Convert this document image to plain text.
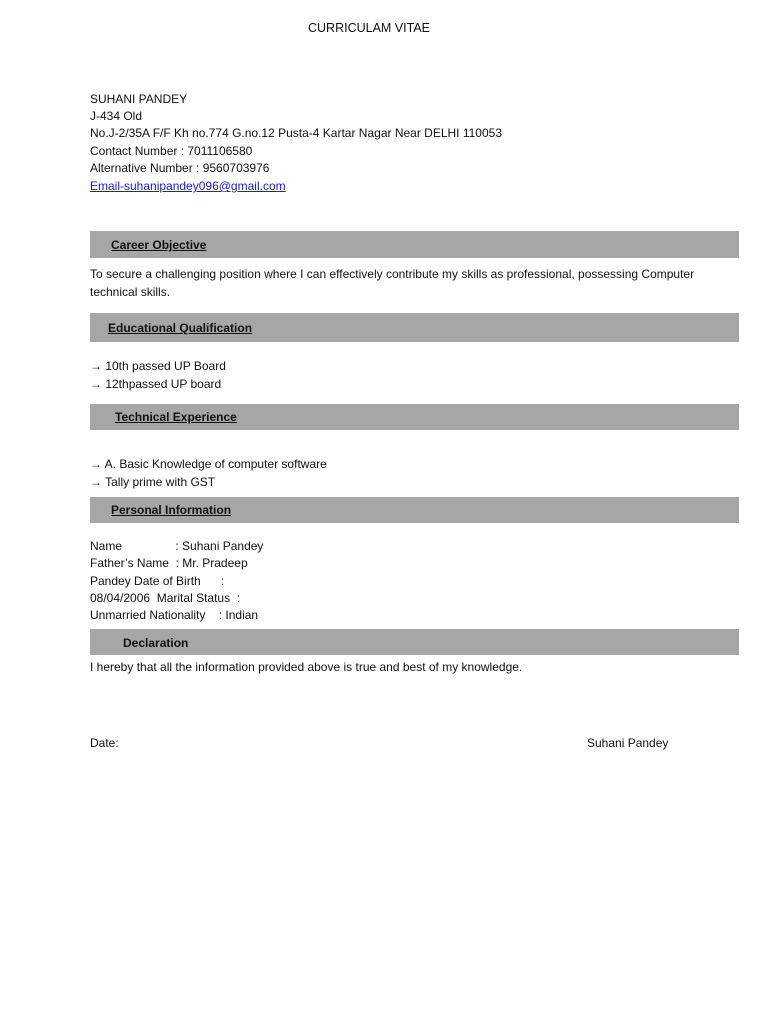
CURRICULAM VITAE
SUHANI PANDEY
J-434 Old
No.J-2/35A F/F Kh no.774 G.no.12 Pusta-4 Kartar Nagar Near DELHI 110053
Contact Number : 7011106580
Alternative Number : 9560703976
Email-suhanipandey096@gmail.com
Career Objective
To secure a challenging position where I can effectively contribute my skills as professional, possessing Computer technical skills.
Educational Qualification
→ 10th passed UP Board
→ 12thpassed UP board
Technical Experience
→ A. Basic Knowledge of computer software
→ Tally prime with GST
Personal Information
Name                : Suhani Pandey
Father’s Name  : Mr. Pradeep
Pandey Date of Birth      :
08/04/2006  Marital Status  :
Unmarried Nationality    : Indian
Declaration
I hereby that all the information provided above is true and best of my knowledge.
Date:	Suhani Pandey
